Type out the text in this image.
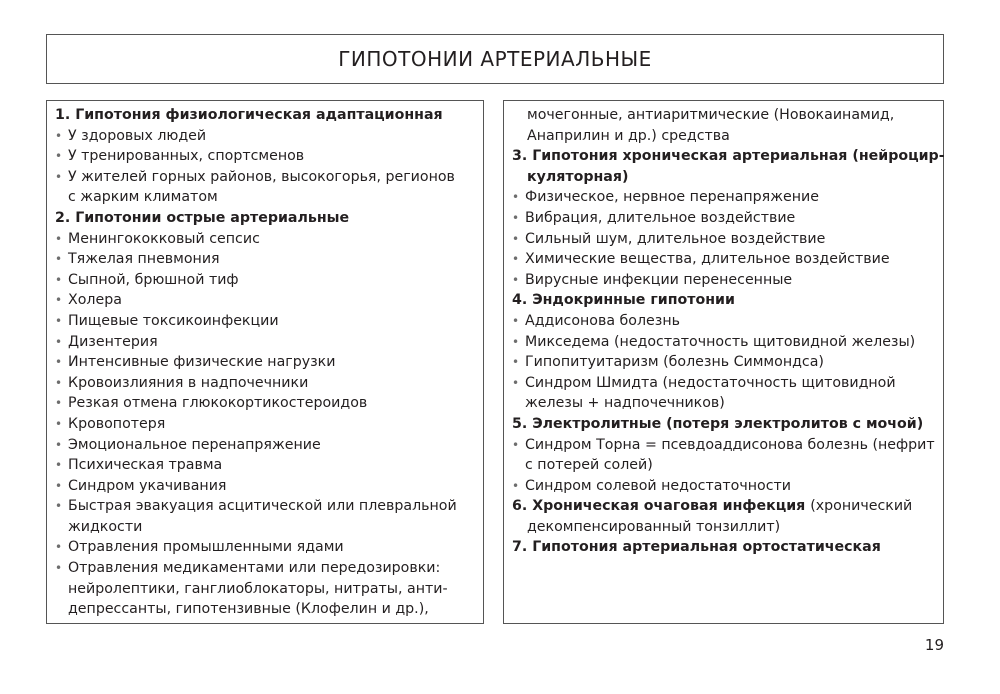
ГИПОТОНИИ АРТЕРИАЛЬНЫЕ
1. Гипотония физиологическая адаптационная
• У здоровых людей
• У тренированных, спортсменов
• У жителей горных районов, высокогорья, регионов
с жарким климатом
2. Гипотонии острые артериальные
• Менингококковый сепсис
• Тяжелая пневмония
• Сыпной, брюшной тиф
• Холера
• Пищевые токсикоинфекции
• Дизентерия
• Интенсивные физические нагрузки
• Кровоизлияния в надпочечники
• Резкая отмена глюкокортикостероидов
• Кровопотеря
• Эмоциональное перенапряжение
• Психическая травма
• Синдром укачивания
• Быстрая эвакуация асцитической или плевральной
жидкости
• Отравления промышленными ядами
• Отравления медикаментами или передозировки:
нейролептики, ганглиоблокаторы, нитраты, анти-
депрессанты, гипотензивные (Клофелин и др.),
мочегонные, антиаритмические (Новокаинамид,
Анаприлин и др.) средства
3. Гипотония хроническая артериальная (нейроцир-
куляторная)
• Физическое, нервное перенапряжение
• Вибрация, длительное воздействие
• Сильный шум, длительное воздействие
• Химические вещества, длительное воздействие
• Вирусные инфекции перенесенные
4. Эндокринные гипотонии
• Аддисонова болезнь
• Микседема (недостаточность щитовидной железы)
• Гипопитуитаризм (болезнь Симмондса)
• Синдром Шмидта (недостаточность щитовидной
железы + надпочечников)
5. Электролитные (потеря электролитов с мочой)
• Синдром Торна = псевдоаддисонова болезнь (нефрит
с потерей солей)
• Синдром солевой недостаточности
6. Хроническая очаговая инфекция (хронический
декомпенсированный тонзиллит)
7. Гипотония артериальная ортостатическая
19
